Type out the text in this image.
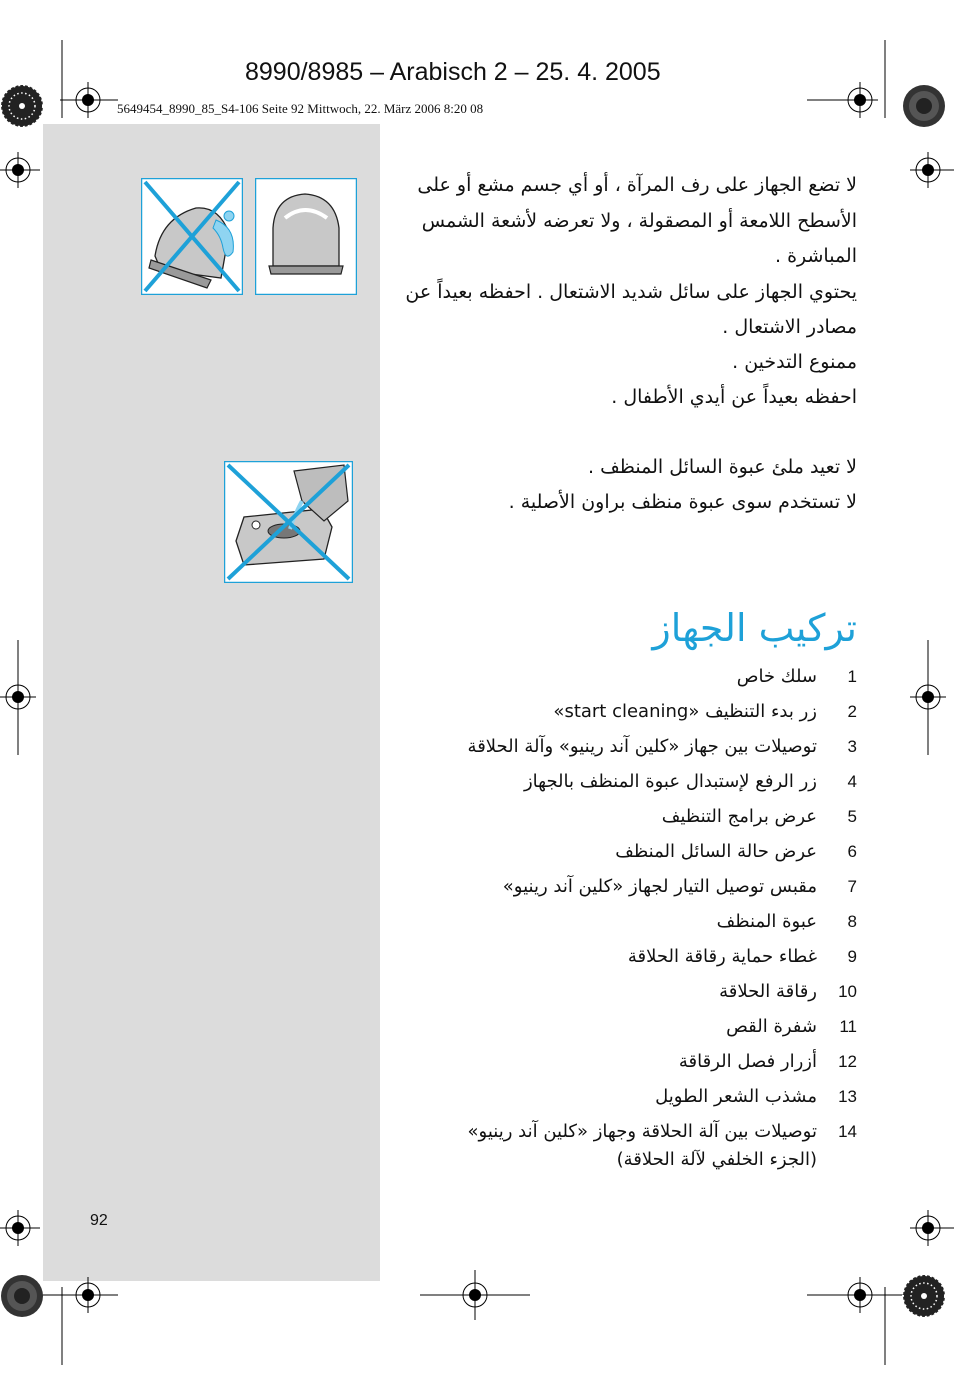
8990/8985 – Arabisch 2 – 25. 4. 2005
5649454_8990_85_S4-106 Seite 92 Mittwoch, 22. März 2006 8:20 08
لا تضع الجهاز على رف المرآة ، أو أي جسم مشع أو على
الأسطح اللامعة أو المصقولة ، ولا تعرضه لأشعة الشمس
المباشرة .
يحتوي الجهاز على سائل شديد الاشتعال . احفظه بعيداً عن
مصادر الاشتعال .
ممنوع التدخين .
احفظه بعيداً عن أيدي الأطفال .
لا تعيد ملئ عبوة السائل المنظف .
لا تستخدم سوى عبوة منظف براون الأصلية .
تركيب الجهاز
1
سلك خاص
2
زر بدء التنظيف «start cleaning»
3
توصيلات بين جهاز «كلين آند رينيو» وآلة الحلاقة
4
زر الرفع لإستبدال عبوة المنظف بالجهاز
5
عرض برامج التنظيف
6
عرض حالة السائل المنظف
7
مقبس توصيل التيار لجهاز «كلين آند رينيو»
8
عبوة المنظف
9
غطاء حماية رقاقة الحلاقة
10
رقاقة الحلاقة
11
شفرة القص
12
أزرار فصل الرقاقة
13
مشذب الشعر الطويل
14
توصيلات بين آلة الحلاقة وجهاز «كلين آند رينيو»
(الجزء الخلفي لآلة الحلاقة)
92
